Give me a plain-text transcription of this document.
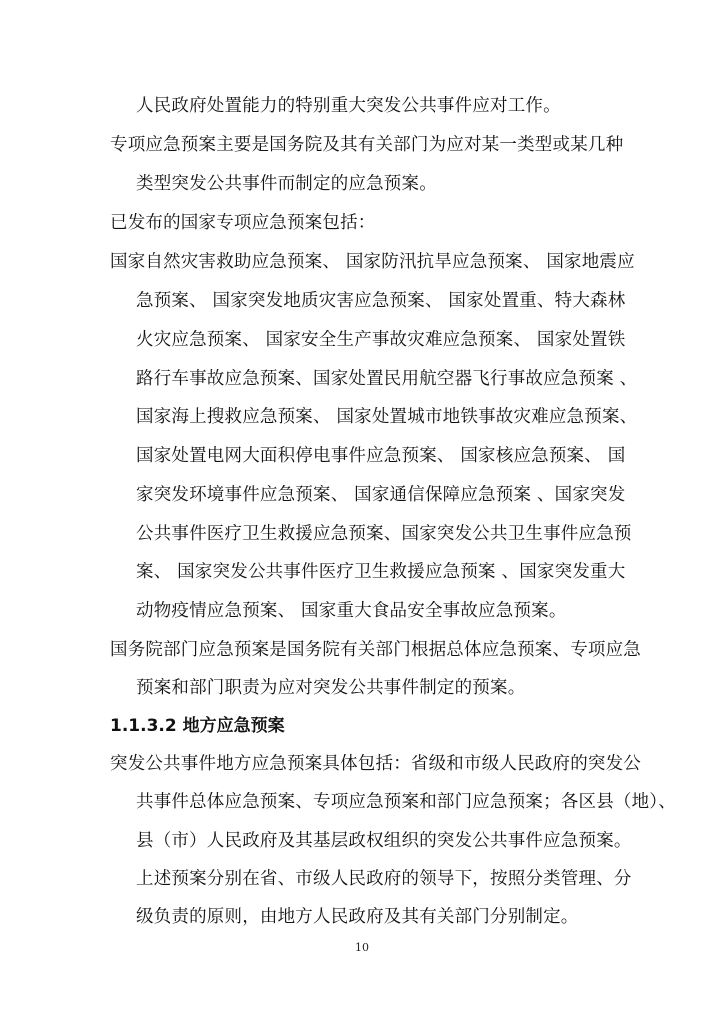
人民政府处置能力的特别重大突发公共事件应对工作。
专项应急预案主要是国务院及其有关部门为应对某一类型或某几种
类型突发公共事件而制定的应急预案。
已发布的国家专项应急预案包括：
国家自然灾害救助应急预案、 国家防汛抗旱应急预案、 国家地震应
急预案、 国家突发地质灾害应急预案、 国家处置重、特大森林
火灾应急预案、 国家安全生产事故灾难应急预案、 国家处置铁
路行车事故应急预案、国家处置民用航空器飞行事故应急预案 、
国家海上搜救应急预案、 国家处置城市地铁事故灾难应急预案、
国家处置电网大面积停电事件应急预案、 国家核应急预案、 国
家突发环境事件应急预案、 国家通信保障应急预案 、国家突发
公共事件医疗卫生救援应急预案、国家突发公共卫生事件应急预
案、 国家突发公共事件医疗卫生救援应急预案 、国家突发重大
动物疫情应急预案、 国家重大食品安全事故应急预案。
国务院部门应急预案是国务院有关部门根据总体应急预案、专项应急
预案和部门职责为应对突发公共事件制定的预案。
1.1.3.2 地方应急预案
突发公共事件地方应急预案具体包括：省级和市级人民政府的突发公
共事件总体应急预案、专项应急预案和部门应急预案；各区县（地）、
县（市）人民政府及其基层政权组织的突发公共事件应急预案。
上述预案分别在省、市级人民政府的领导下，按照分类管理、分
级负责的原则，由地方人民政府及其有关部门分别制定。
10
